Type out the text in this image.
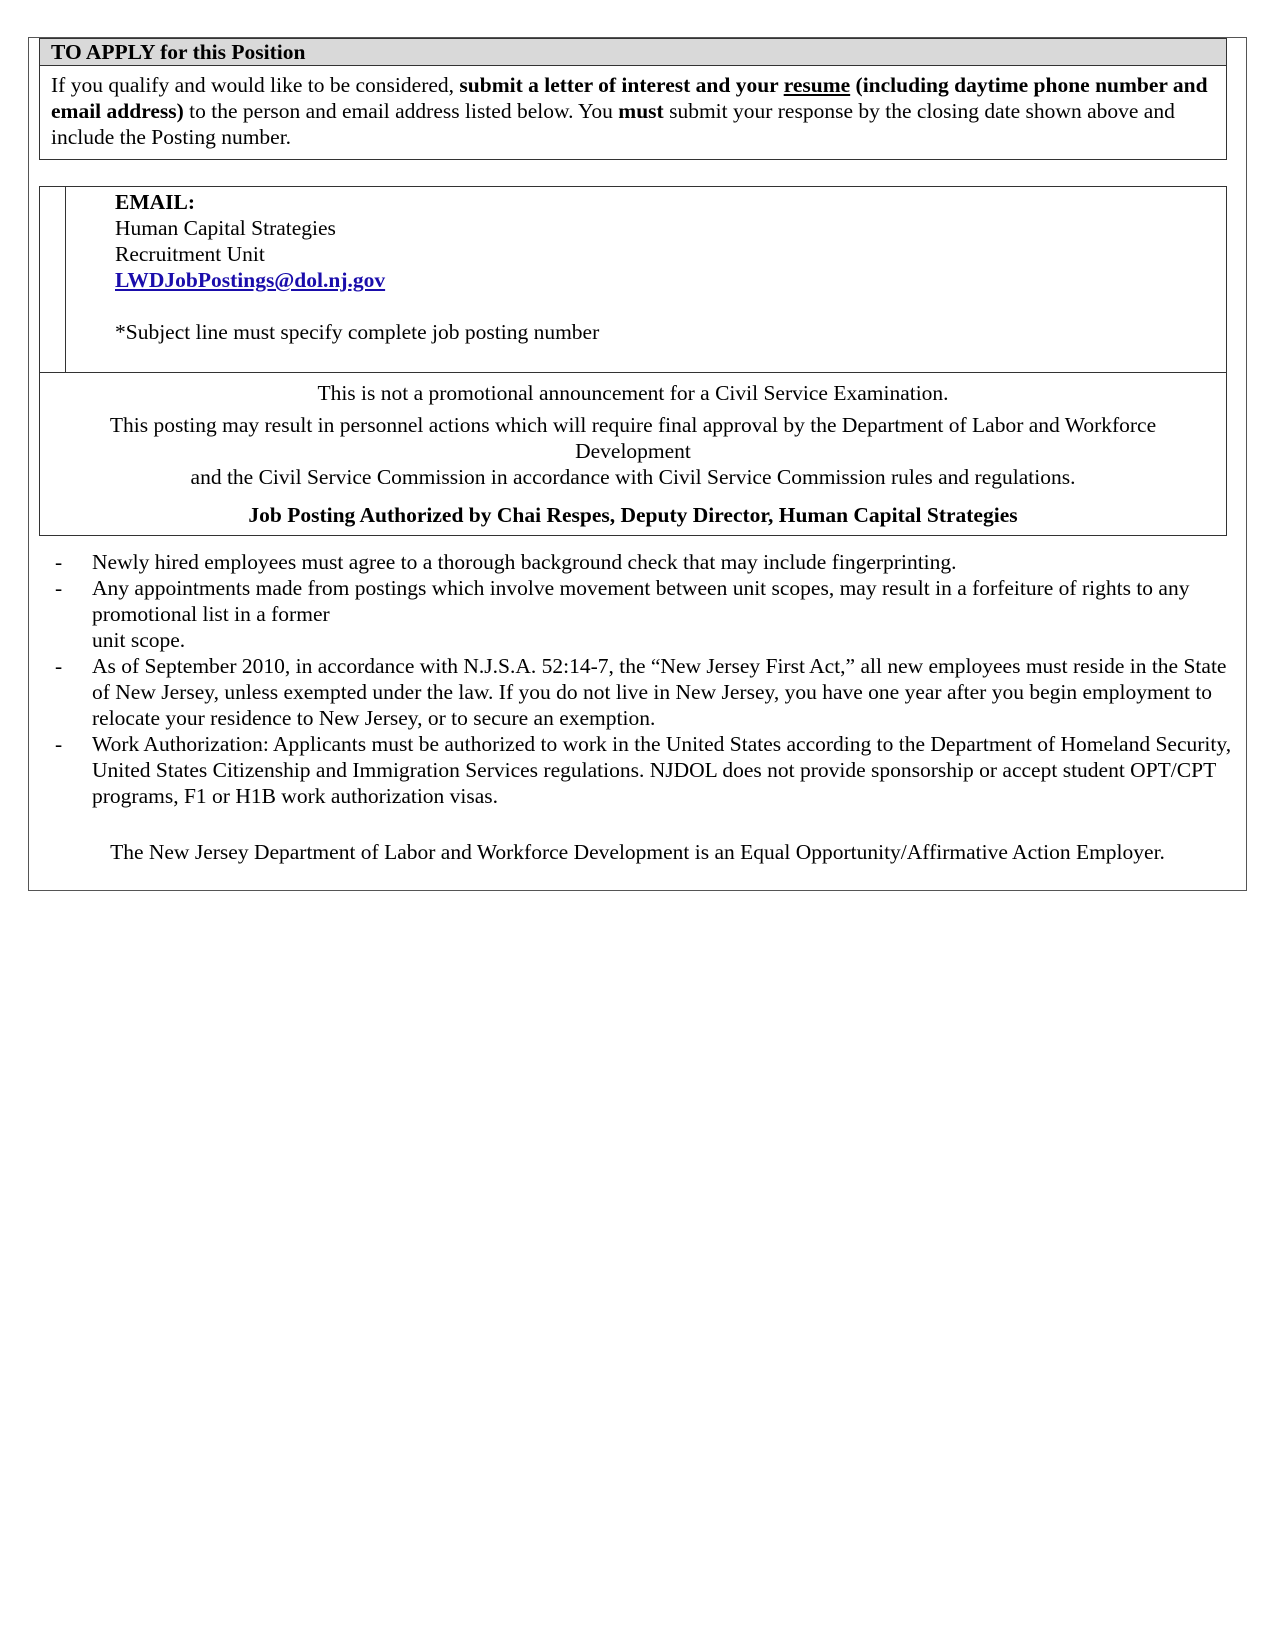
TO APPLY for this Position
If you qualify and would like to be considered, submit a letter of interest and your resume (including daytime phone number and email address) to the person and email address listed below. You must submit your response by the closing date shown above and include the Posting number.
EMAIL:
Human Capital Strategies
Recruitment Unit
LWDJobPostings@dol.nj.gov
*Subject line must specify complete job posting number
This is not a promotional announcement for a Civil Service Examination.
This posting may result in personnel actions which will require final approval by the Department of Labor and Workforce Development
and the Civil Service Commission in accordance with Civil Service Commission rules and regulations.
Job Posting Authorized by Chai Respes, Deputy Director, Human Capital Strategies
- Newly hired employees must agree to a thorough background check that may include fingerprinting.
- Any appointments made from postings which involve movement between unit scopes, may result in a forfeiture of rights to any promotional list in a former
unit scope.
- As of September 2010, in accordance with N.J.S.A. 52:14-7, the “New Jersey First Act,” all new employees must reside in the State of New Jersey, unless exempted under the law. If you do not live in New Jersey, you have one year after you begin employment to relocate your residence to New Jersey, or to secure an exemption.
- Work Authorization: Applicants must be authorized to work in the United States according to the Department of Homeland Security, United States Citizenship and Immigration Services regulations. NJDOL does not provide sponsorship or accept student OPT/CPT programs, F1 or H1B work authorization visas.
The New Jersey Department of Labor and Workforce Development is an Equal Opportunity/Affirmative Action Employer.
